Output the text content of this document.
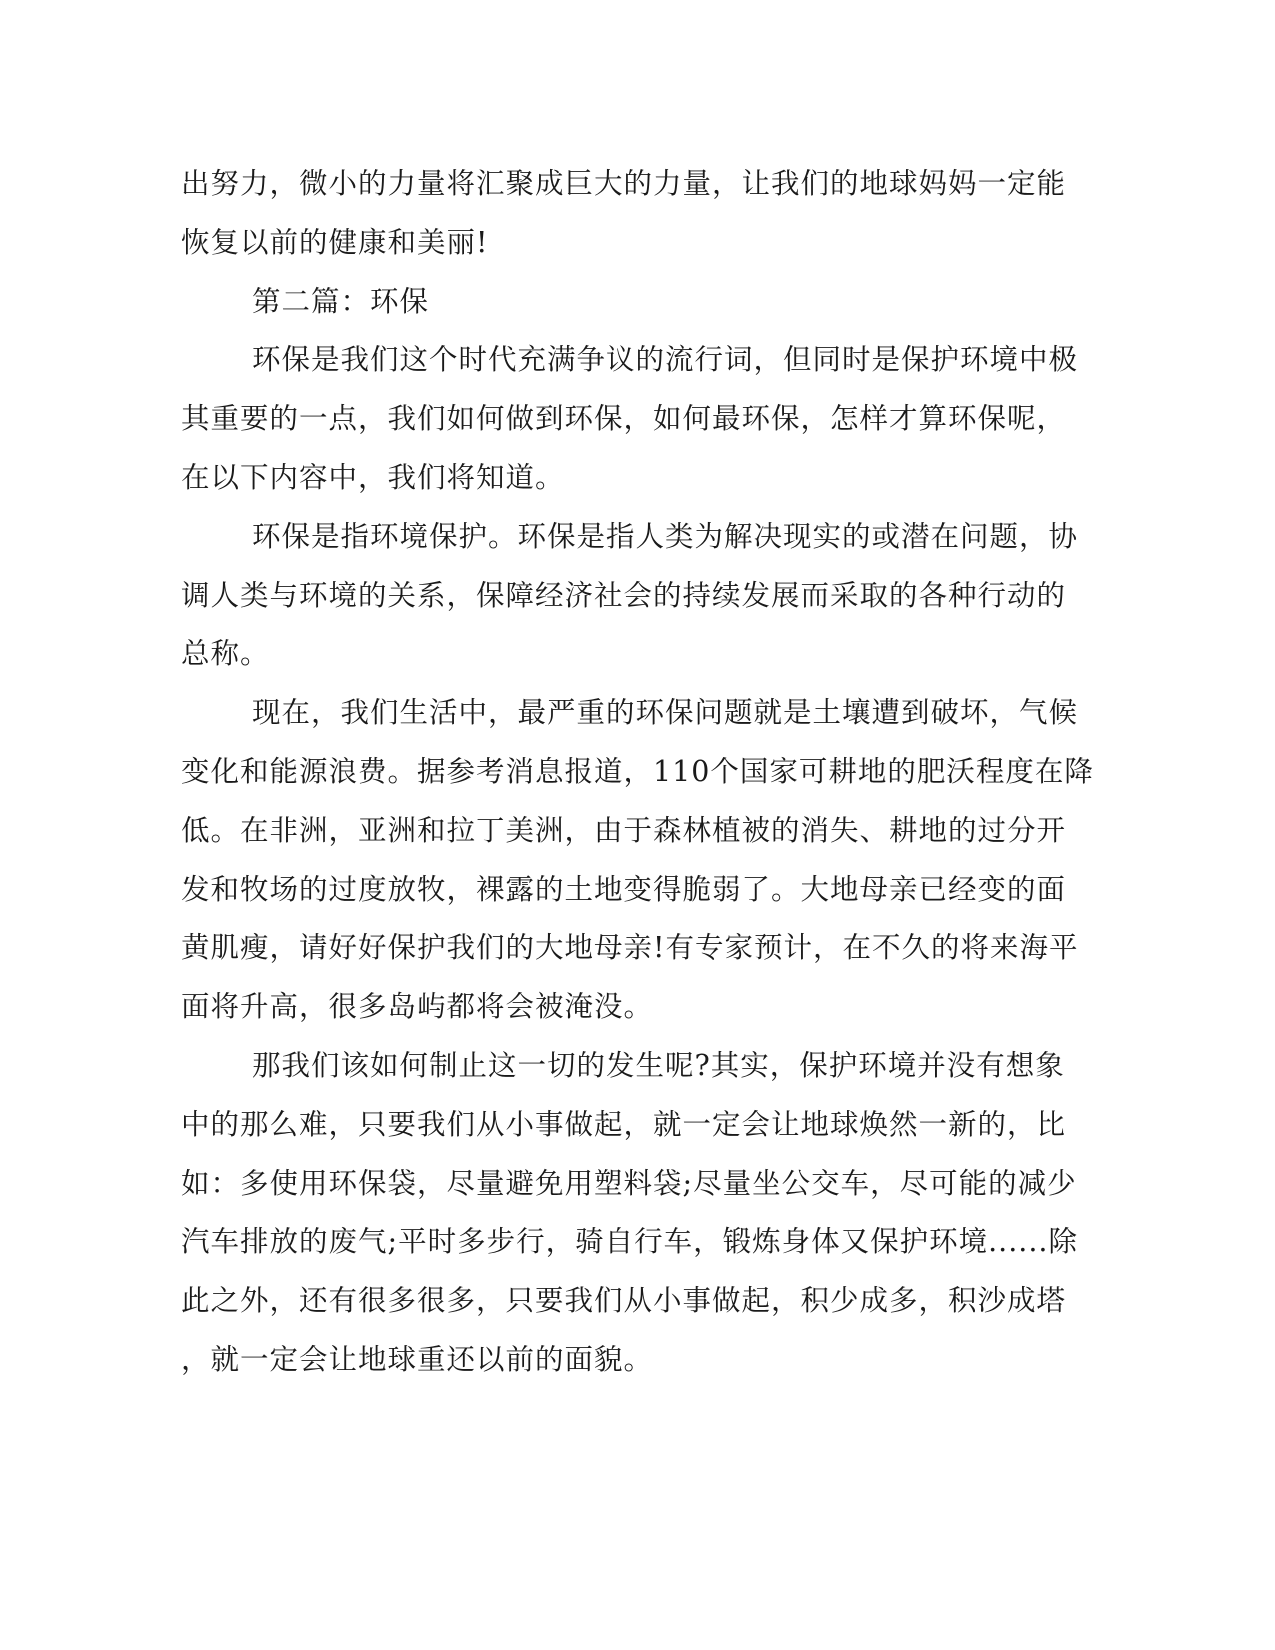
出努力，微小的力量将汇聚成巨大的力量，让我们的地球妈妈一定能
恢复以前的健康和美丽!
第二篇：环保
环保是我们这个时代充满争议的流行词，但同时是保护环境中极
其重要的一点，我们如何做到环保，如何最环保，怎样才算环保呢，
在以下内容中，我们将知道。
环保是指环境保护。环保是指人类为解决现实的或潜在问题，协
调人类与环境的关系，保障经济社会的持续发展而采取的各种行动的
总称。
现在，我们生活中，最严重的环保问题就是土壤遭到破坏，气候
变化和能源浪费。据参考消息报道，110个国家可耕地的肥沃程度在降
低。在非洲，亚洲和拉丁美洲，由于森林植被的消失、耕地的过分开
发和牧场的过度放牧，裸露的土地变得脆弱了。大地母亲已经变的面
黄肌瘦，请好好保护我们的大地母亲!有专家预计，在不久的将来海平
面将升高，很多岛屿都将会被淹没。
那我们该如何制止这一切的发生呢?其实，保护环境并没有想象
中的那么难，只要我们从小事做起，就一定会让地球焕然一新的，比
如：多使用环保袋，尽量避免用塑料袋;尽量坐公交车，尽可能的减少
汽车排放的废气;平时多步行，骑自行车，锻炼身体又保护环境......除
此之外，还有很多很多，只要我们从小事做起，积少成多，积沙成塔
，就一定会让地球重还以前的面貌。
